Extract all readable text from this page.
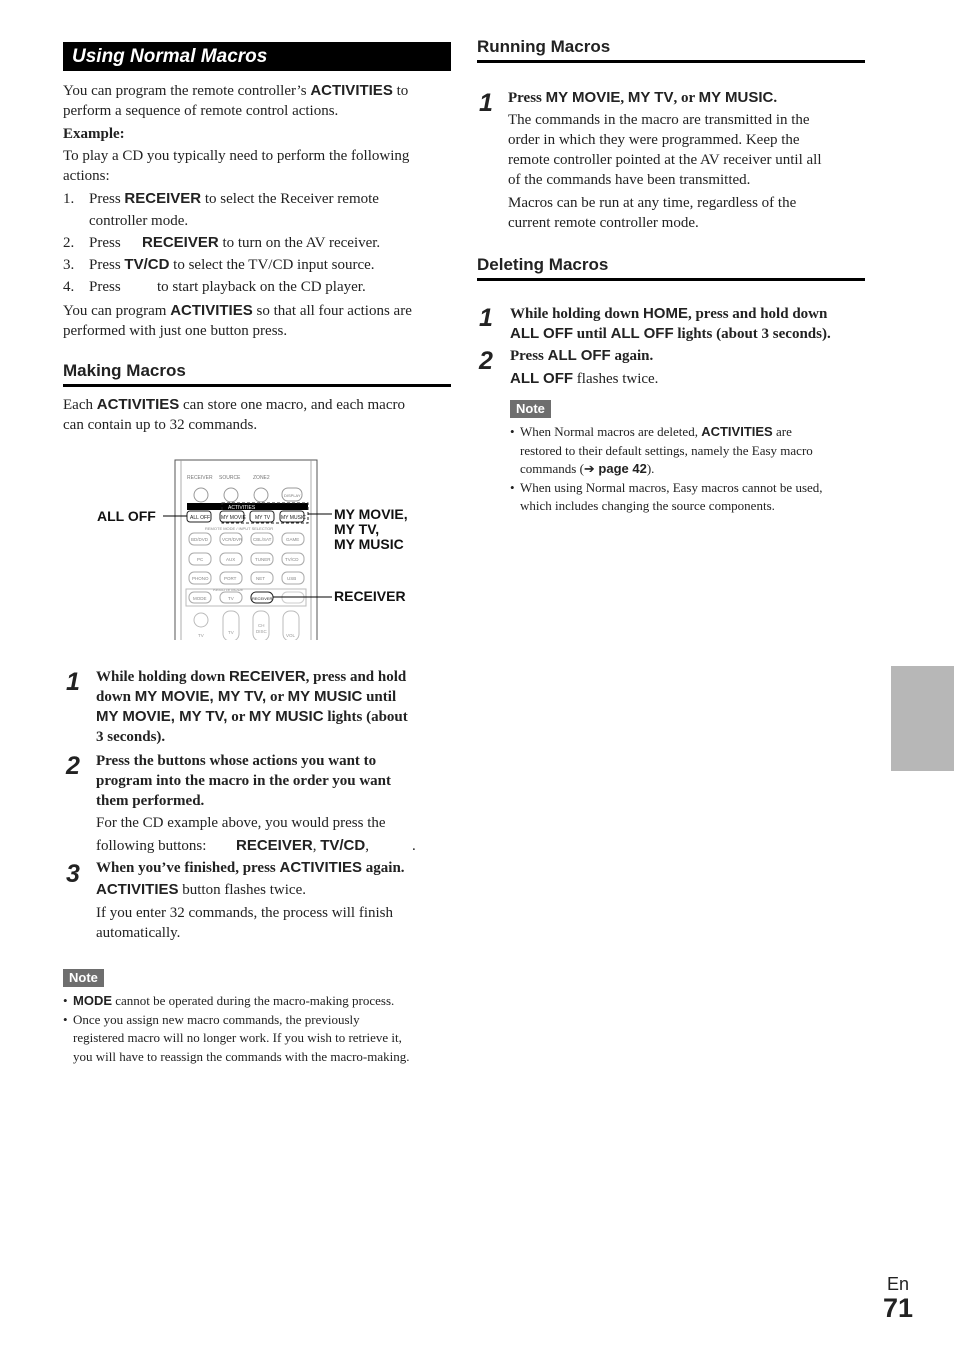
Using Normal Macros

You can program the remote controller’s ACTIVITIES to

perform a sequence of remote control actions.

Example:

To play a CD you typically need to perform the following

actions:

1. Press RECEIVER to select the Receiver remote
controller mode.
2. Press RECEIVER to turn on the AV receiver.
3. Press TV/CD to select the TV/CD input source.
4. Press to start playback on the CD player.

You can program ACTIVITIES so that all four actions are

performed with just one button press.

Making Macros

Each ACTIVITIES can store one macro, and each macro

can contain up to 32 commands.

RECEIVER SOURCE	ZONE2
DISPLAY
ACTIVITIES
ALL OFF MY MOVIE MY TV MY MUSIC
REMOTE MODE / INPUT SELECTOR
BD/DVD	VCR/DVR CBL/SAT	GAME
PC	AUX	TUNER	TV/CD
PHONO	PORT	NET	USB
REMOTE MODE
MODE	TV	RECEIVER
TV
TV
CH
DISC
VOL
ALL OFF	MY MOVIE,
MY TV,
MY MUSIC
RECEIVER
1 While holding down RECEIVER, press and hold

down MY MOVIE, MY TV, or MY MUSIC until

MY MOVIE, MY TV, or MY MUSIC lights (about

3 seconds).

2 Press the buttons whose actions you want to

program into the macro in the order you want

them performed.

For the CD example above, you would press the

following buttons: RECEIVER, TV/CD,	.

3 When you’ve finished, press ACTIVITIES again.

ACTIVITIES button flashes twice.

If you enter 32 commands, the process will finish

automatically.

Note
• MODE cannot be operated during the macro-making process.
• Once you assign new macro commands, the previously

registered macro will no longer work. If you wish to retrieve it,

you will have to reassign the commands with the macro-making.

Running Macros
1 Press MY MOVIE, MY TV, or MY MUSIC.

The commands in the macro are transmitted in the

order in which they were programmed. Keep the

remote controller pointed at the AV receiver until all

of the commands have been transmitted.

Macros can be run at any time, regardless of the

current remote controller mode.

Deleting Macros
1 While holding down HOME, press and hold down

ALL OFF until ALL OFF lights (about 3 seconds).

2 Press ALL OFF again.

ALL OFF flashes twice.

Note
• When Normal macros are deleted, ACTIVITIES are

restored to their default settings, namely the Easy macro

commands (➔ page 42).

• When using Normal macros, Easy macros cannot be used,

which includes changing the source components.

En
71
